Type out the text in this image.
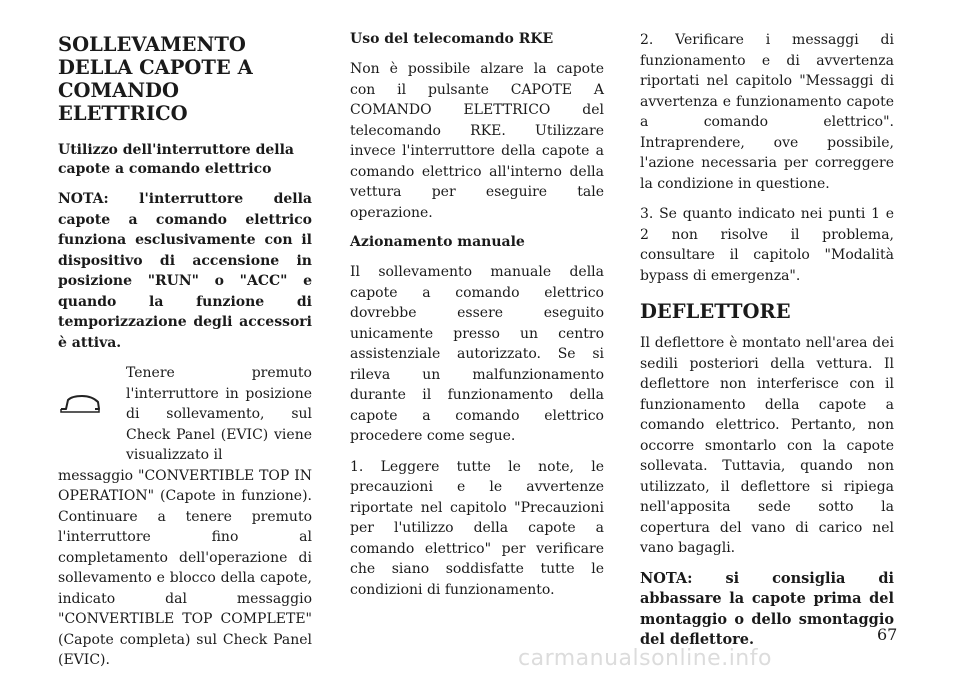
SOLLEVAMENTO DELLA CAPOTE A COMANDO ELETTRICO
Utilizzo dell'interruttore della capote a comando elettrico

NOTA: l'interruttore della capote a comando elettrico funziona esclusivamente con il dispositivo di accensione in posizione "RUN" o "ACC" e quando la funzione di temporizzazione degli accessori è attiva.

Tenere premuto l'interruttore in posizione di sollevamento, sul Check Panel (EVIC) viene visualizzato il

messaggio "CONVERTIBLE TOP IN OPERATION" (Capote in funzione). Continuare a tenere premuto l'interruttore fino al completamento dell'operazione di sollevamento e blocco della capote, indicato dal messaggio "CONVERTIBLE TOP COMPLETE" (Capote completa) sul Check Panel (EVIC).

Uso del telecomando RKE

Non è possibile alzare la capote con il pulsante CAPOTE A COMANDO ELETTRICO del telecomando RKE. Utilizzare invece l'interruttore della capote a comando elettrico all'interno della vettura per eseguire tale operazione.

Azionamento manuale

Il sollevamento manuale della capote a comando elettrico dovrebbe essere eseguito unicamente presso un centro assistenziale autorizzato. Se si rileva un malfunzionamento durante il funzionamento della capote a comando elettrico procedere come segue.

1. Leggere tutte le note, le precauzioni e le avvertenze riportate nel capitolo "Precauzioni per l'utilizzo della capote a comando elettrico" per verificare che siano soddisfatte tutte le condizioni di funzionamento.

2. Verificare i messaggi di funzionamento e di avvertenza riportati nel capitolo "Messaggi di avvertenza e funzionamento capote a comando elettrico". Intraprendere, ove possibile, l'azione necessaria per correggere la condizione in questione.

3. Se quanto indicato nei punti 1 e 2 non risolve il problema, consultare il capitolo "Modalità bypass di emergenza".

DEFLETTORE

Il deflettore è montato nell'area dei sedili posteriori della vettura. Il deflettore non interferisce con il funzionamento della capote a comando elettrico. Pertanto, non occorre smontarlo con la capote sollevata. Tuttavia, quando non utilizzato, il deflettore si ripiega nell'apposita sede sotto la copertura del vano di carico nel vano bagagli.

NOTA: si consiglia di abbassare la capote prima del montaggio o dello smontaggio del deflettore.	67
carmanualsonline.info
